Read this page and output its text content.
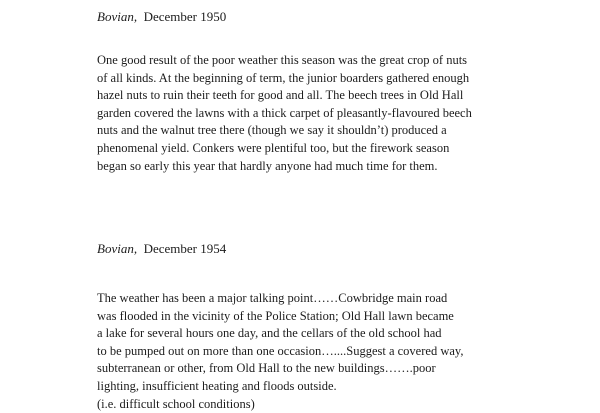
Bovian, December 1950
One good result of the poor weather this season was the great crop of nuts
of all kinds. At the beginning of term, the junior boarders gathered enough
hazel nuts to ruin their teeth for good and all. The beech trees in Old Hall
garden covered the lawns with a thick carpet of pleasantly-flavoured beech
nuts and the walnut tree there (though we say it shouldn’t) produced a
phenomenal yield. Conkers were plentiful too, but the firework season
began so early this year that hardly anyone had much time for them.
Bovian, December 1954
The weather has been a major talking point……Cowbridge main road
was flooded in the vicinity of the Police Station; Old Hall lawn became
a lake for several hours one day, and the cellars of the old school had
to be pumped out on more than one occasion…....Suggest a covered way,
subterranean or other, from Old Hall to the new buildings…….poor
lighting, insufficient heating and floods outside.
(i.e. difficult school conditions)
